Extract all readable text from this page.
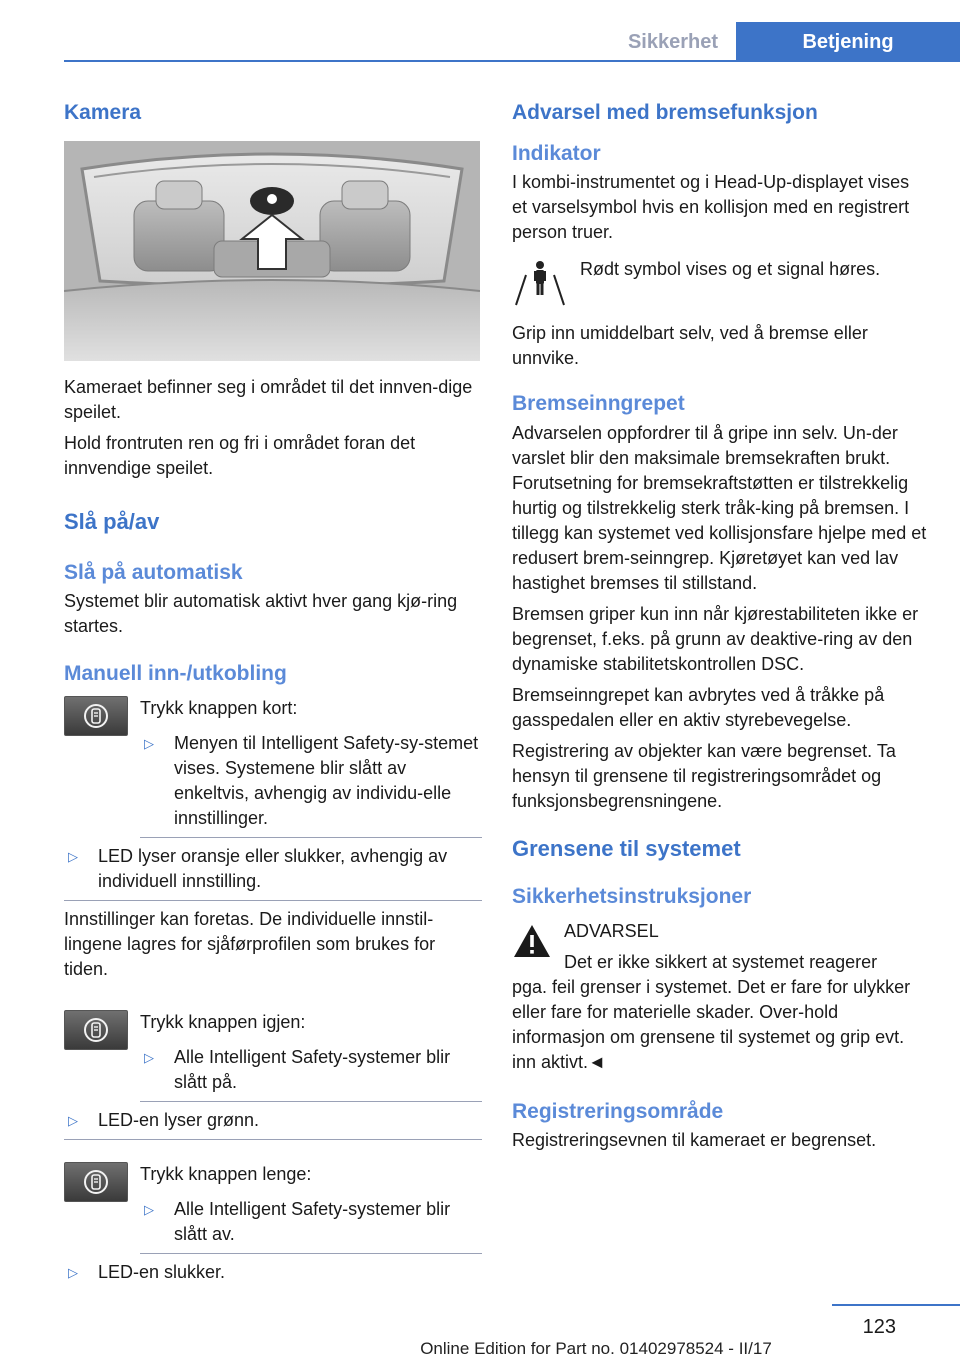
Sikkerhet	Betjening
Kamera

Kameraet befinner seg i området til det innven-dige speilet.

Hold frontruten ren og fri i området foran det innvendige speilet.

Slå på/av
Slå på automatisk

Systemet blir automatisk aktivt hver gang kjø-ring startes.

Manuell inn-/utkobling
Trykk knappen kort:
▷ Menyen til Intelligent Safety-sy-stemet vises. Systemene blir slått av enkeltvis, avhengig av individu-elle innstillinger.
▷ LED lyser oransje eller slukker, avhengig av individuell innstilling.

Innstillinger kan foretas. De individuelle innstil-lingene lagres for sjåførprofilen som brukes for tiden.

Trykk knappen igjen:
▷ Alle Intelligent Safety-systemer blir slått på.
▷ LED-en lyser grønn.
Trykk knappen lenge:
▷ Alle Intelligent Safety-systemer blir slått av.
▷ LED-en slukker.
Advarsel med bremsefunksjon
Indikator

I kombi-instrumentet og i Head-Up-displayet vises et varselsymbol hvis en kollisjon med en registrert person truer.

Rødt symbol vises og et signal høres.

Grip inn umiddelbart selv, ved å bremse eller unnvike.

Bremseinngrepet

Advarselen oppfordrer til å gripe inn selv. Un-der varslet blir den maksimale bremsekraften brukt. Forutsetning for bremsekraftstøtten er tilstrekkelig hurtig og tilstrekkelig sterk tråk-king på bremsen. I tillegg kan systemet ved kollisjonsfare hjelpe med et redusert brem-seinngrep. Kjøretøyet kan ved lav hastighet bremses til stillstand.

Bremsen griper kun inn når kjørestabiliteten ikke er begrenset, f.eks. på grunn av deaktive-ring av den dynamiske stabilitetskontrollen DSC.

Bremseinngrepet kan avbrytes ved å tråkke på gasspedalen eller en aktiv styrebevegelse.

Registrering av objekter kan være begrenset. Ta hensyn til grensene til registreringsområdet og funksjonsbegrensningene.

Grensene til systemet
Sikkerhetsinstruksjoner
ADVARSEL
Det er ikke sikkert at systemet reagerer

pga. feil grenser i systemet. Det er fare for ulykker eller fare for materielle skader. Over-hold informasjon om grensene til systemet og grip evt. inn aktivt.◄

Registreringsområde

Registreringsevnen til kameraet er begrenset.

123
Online Edition for Part no. 01402978524 - II/17
